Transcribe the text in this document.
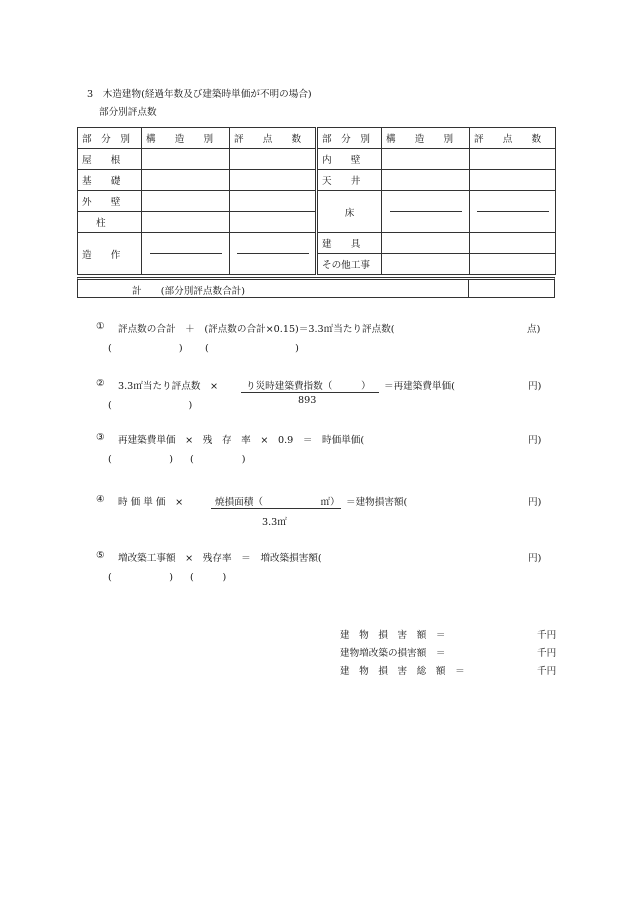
3　木造建物(経過年数及び建築時単価が不明の場合)
部分別評点数
部　分　別	構　　造　　別	評　　点　　数	部　分　別	構　　造　　別	評　　点　　数
屋　　根			内　　壁		
基　　礎			天　　井		
外　　壁			床		
柱					
造　　作			建　　具		
			その他工事		
計　　(部分別評点数合計)
① 評点数の合計　＋　(評点数の合計×0.15)＝3.3㎡当たり評点数(	点)
(　　　　　　　) (　　　　　　　　　)
② 3.3㎡当たり評点数　×	り災時建築費指数（　　　）
893
＝再建築費単価(	円)
(　　　　　　　　)
③ 再建築費単価　×　残　存　率　×　0.9　＝　時価単価(	円)
(　　　　　　) (　　　　　)
④ 時 価 単 価　×	焼損面積（　　　　　　㎡）
3.3㎡
＝建物損害額(	円)
⑤ 増改築工事額　×　残存率　＝　増改築損害額(	円)
(　　　　　　) (　　　)
建　物　損　害　額　＝	千円
建物増改築の損害額　＝	千円
建　物　損　害　総　額　＝	千円
